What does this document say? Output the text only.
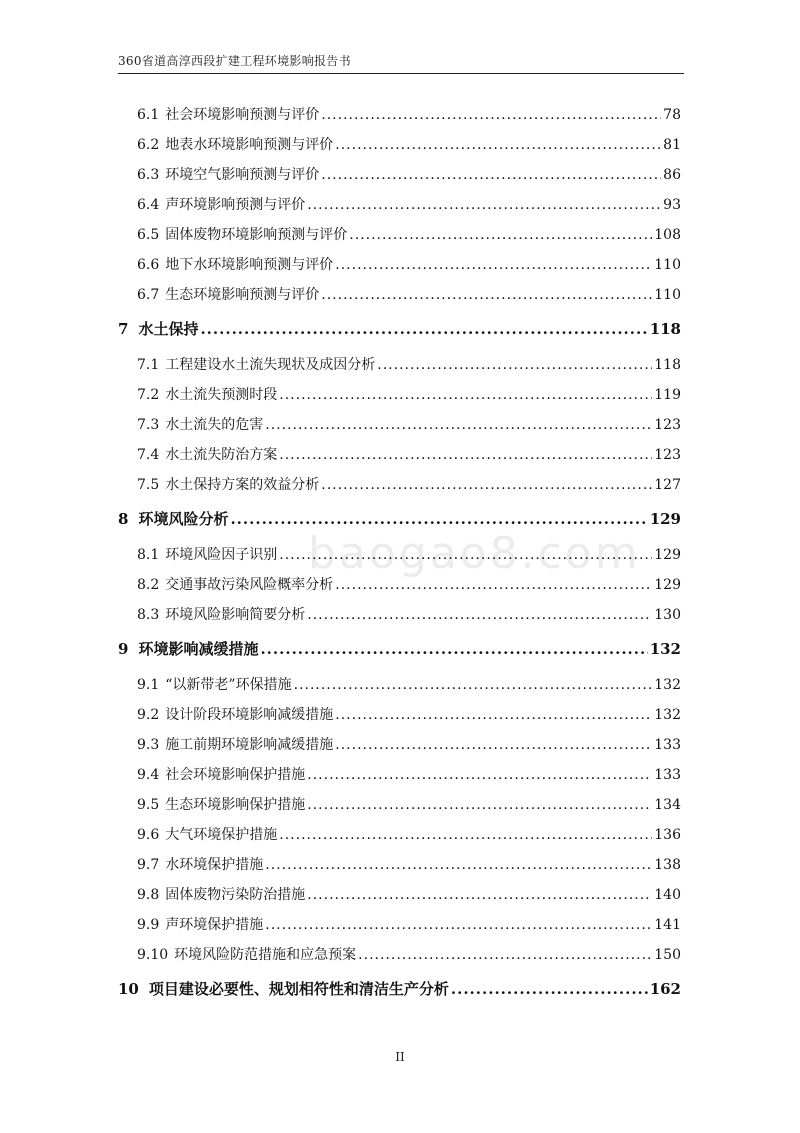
360省道高淳西段扩建工程环境影响报告书
baogao8.com
6.1 社会环境影响预测与评价 .....	78
6.2 地表水环境影响预测与评价 .....	81
6.3 环境空气影响预测与评价 .....	86
6.4 声环境影响预测与评价 .....	93
6.5 固体废物环境影响预测与评价 .....	108
6.6 地下水环境影响预测与评价 .....	110
6.7 生态环境影响预测与评价 .....	110
7 水土保持 .....	118
7.1 工程建设水土流失现状及成因分析 .....	118
7.2 水土流失预测时段 .....	119
7.3 水土流失的危害 .....	123
7.4 水土流失防治方案 .....	123
7.5 水土保持方案的效益分析 .....	127
8 环境风险分析 .....	129
8.1 环境风险因子识别 .....	129
8.2 交通事故污染风险概率分析 .....	129
8.3 环境风险影响简要分析 .....	130
9 环境影响减缓措施 .....	132
9.1 “以新带老”环保措施 .....	132
9.2 设计阶段环境影响减缓措施 .....	132
9.3 施工前期环境影响减缓措施 .....	133
9.4 社会环境影响保护措施 .....	133
9.5 生态环境影响保护措施 .....	134
9.6 大气环境保护措施 .....	136
9.7 水环境保护措施 .....	138
9.8 固体废物污染防治措施 .....	140
9.9 声环境保护措施 .....	141
9.10 环境风险防范措施和应急预案 .....	150
10 项目建设必要性、规划相符性和清洁生产分析 .....	162
II
